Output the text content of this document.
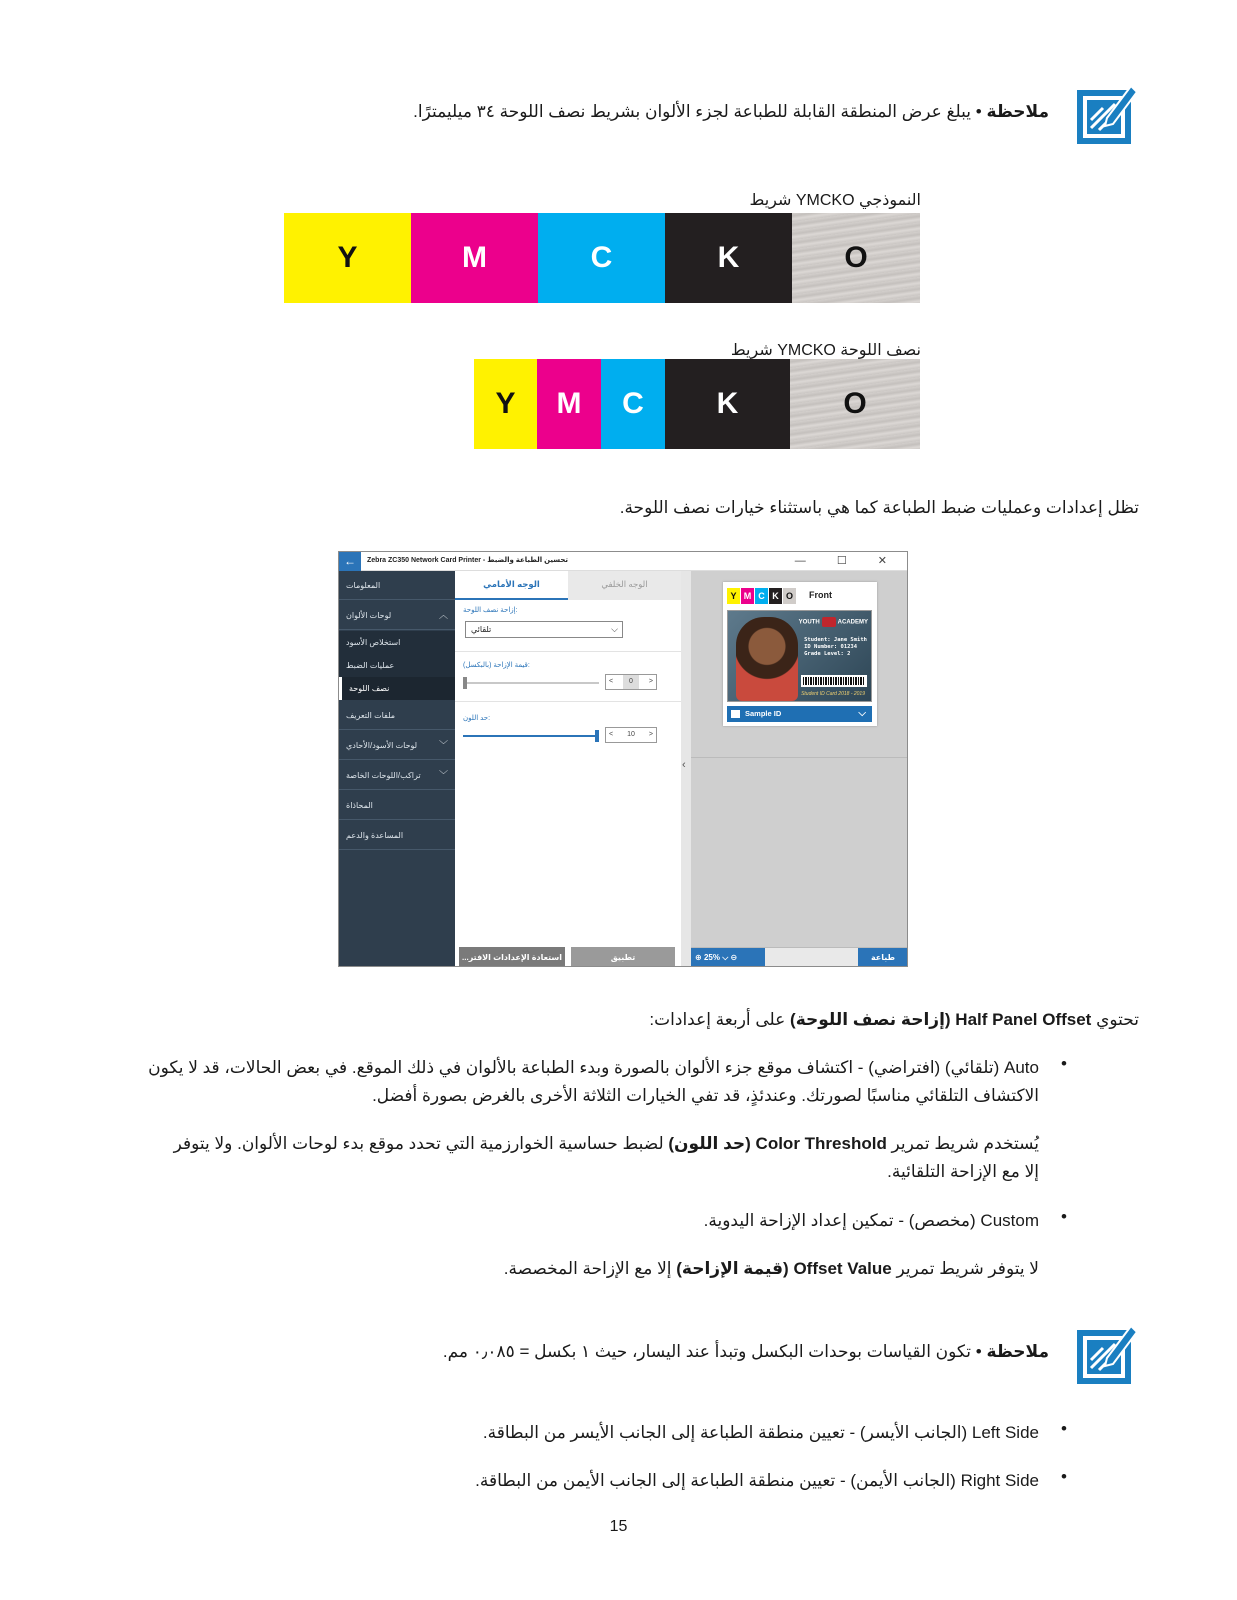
ملاحظة • يبلغ عرض المنطقة القابلة للطباعة لجزء الألوان بشريط نصف اللوحة ٣٤ ميليمترًا.
النموذجي YMCKO شريط
Y	M	C	K	O
نصف اللوحة YMCKO شريط
Y	M	C	K	O
تظل إعدادات وعمليات ضبط الطباعة كما هي باستثناء خيارات نصف اللوحة.
←	Zebra ZC350 Network Card Printer - تحسين الطباعة والضبط	— ☐ ✕
المعلومات
لوحات الألوان	︿
استخلاص الأسود
عمليات الضبط
نصف اللوحة
ملفات التعريف
لوحات الأسود/الأحادي ﹀
تراكب/اللوحات الخاصة ﹀
المحاذاة
المساعدة والدعم
الوجه الأمامي	الوجه الخلفي
إزاحة نصف اللوحة:
تلقائي	⌵
قيمة الإزاحة (بالبكسل):
< 0 >
حد اللون:
< 10 >
...استعادة الإعدادات الافتر	تطبيق
‹
Y M C K O	Front
YOUTH	ACADEMY
Student: Jane Smith
ID Number: 01234
Grade Level: 2
Student ID Card 2018 - 2019
Sample ID	⌵
⊕ 25% ⌵ ⊖	طباعة
تحتوي Half Panel Offset (إزاحة نصف اللوحة) على أربعة إعدادات:
•
Auto (تلقائي) (افتراضي) - اكتشاف موقع جزء الألوان بالصورة وبدء الطباعة بالألوان في ذلك الموقع. في بعض الحالات، قد لا يكون
الاكتشاف التلقائي مناسبًا لصورتك. وعندئذٍ، قد تفي الخيارات الثلاثة الأخرى بالغرض بصورة أفضل.
يُستخدم شريط تمرير Color Threshold (حد اللون) لضبط حساسية الخوارزمية التي تحدد موقع بدء لوحات الألوان. ولا يتوفر
إلا مع الإزاحة التلقائية.
•
Custom (مخصص) - تمكين إعداد الإزاحة اليدوية.
لا يتوفر شريط تمرير Offset Value (قيمة الإزاحة) إلا مع الإزاحة المخصصة.
ملاحظة • تكون القياسات بوحدات البكسل وتبدأ عند اليسار، حيث ١ بكسل = ٠٫٠٨٥ مم.
•
Left Side (الجانب الأيسر) - تعيين منطقة الطباعة إلى الجانب الأيسر من البطاقة.
•
Right Side (الجانب الأيمن) - تعيين منطقة الطباعة إلى الجانب الأيمن من البطاقة.
15
